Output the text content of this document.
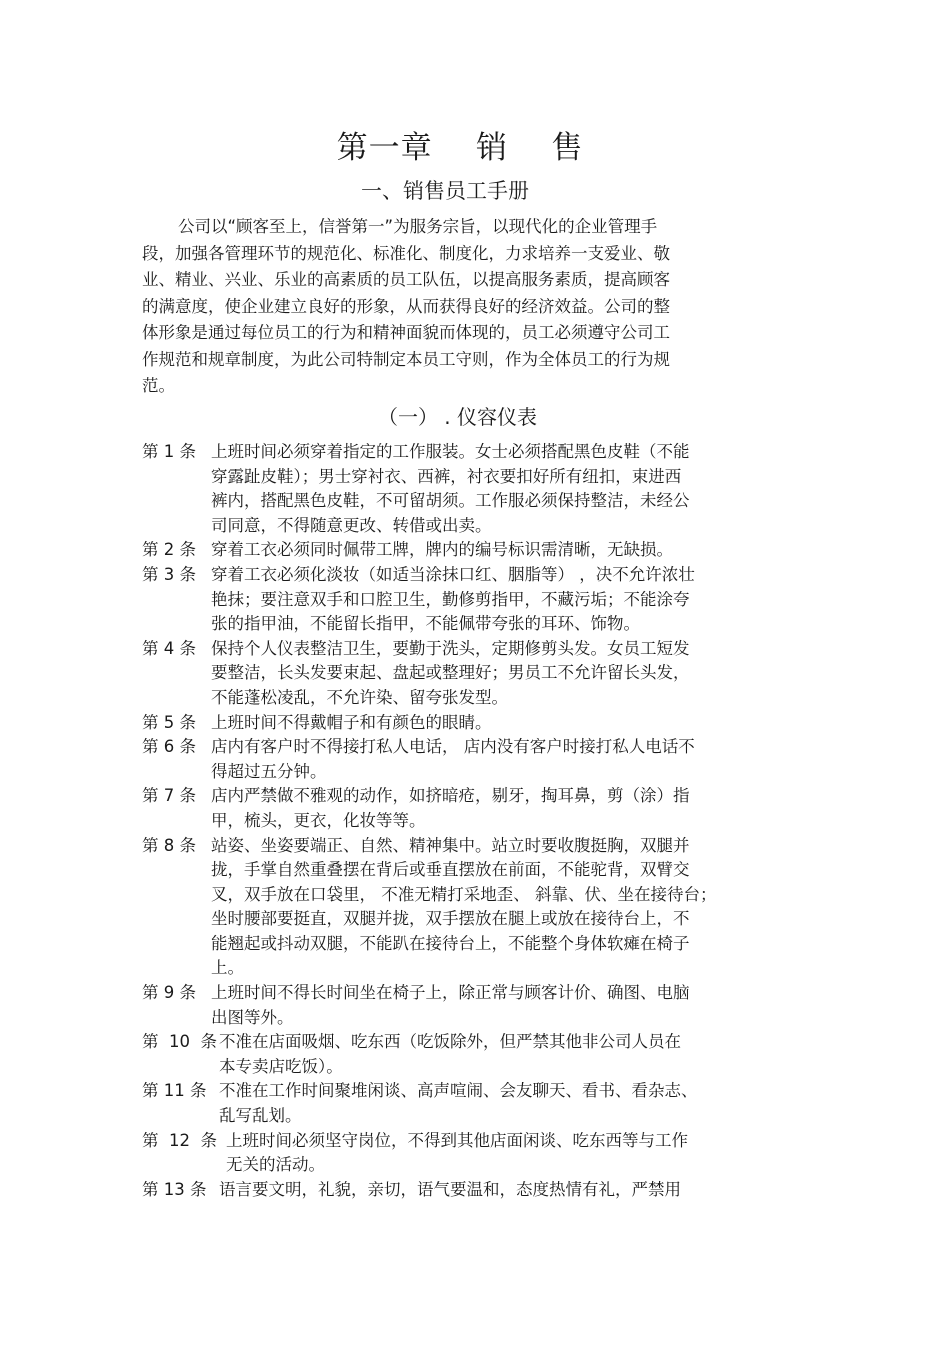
第一章    销    售
一、销售员工手册
公司以“顾客至上，信誉第一”为服务宗旨，以现代化的企业管理手
段，加强各管理环节的规范化、标准化、制度化，力求培养一支爱业、敬
业、精业、兴业、乐业的高素质的员工队伍，以提高服务素质，提高顾客
的满意度，使企业建立良好的形象，从而获得良好的经济效益。公司的整
体形象是通过每位员工的行为和精神面貌而体现的，员工必须遵守公司工
作规范和规章制度，为此公司特制定本员工守则，作为全体员工的行为规
范。
（一） . 仪容仪表
第 1 条 上班时间必须穿着指定的工作服装。女士必须搭配黑色皮鞋（不能
穿露趾皮鞋）；男士穿衬衣、西裤，衬衣要扣好所有纽扣，束进西
裤内，搭配黑色皮鞋，不可留胡须。工作服必须保持整洁，未经公
司同意，不得随意更改、转借或出卖。
第 2 条 穿着工衣必须同时佩带工牌，牌内的编号标识需清晰，无缺损。
第 3 条 穿着工衣必须化淡妆（如适当涂抹口红、胭脂等） ，决不允许浓壮
艳抹；要注意双手和口腔卫生，勤修剪指甲，不藏污垢；不能涂夸
张的指甲油，不能留长指甲，不能佩带夸张的耳环、饰物。
第 4 条 保持个人仪表整洁卫生，要勤于洗头，定期修剪头发。女员工短发
要整洁，长头发要束起、盘起或整理好；男员工不允许留长头发，
不能蓬松凌乱，不允许染、留夸张发型。
第 5 条 上班时间不得戴帽子和有颜色的眼睛。
第 6 条 店内有客户时不得接打私人电话， 店内没有客户时接打私人电话不
得超过五分钟。
第 7 条 店内严禁做不雅观的动作，如挤暗疮，剔牙，掏耳鼻，剪（涂）指
甲，梳头，更衣，化妆等等。
第 8 条 站姿、坐姿要端正、自然、精神集中。站立时要收腹挺胸，双腿并
拢，手掌自然重叠摆在背后或垂直摆放在前面，不能驼背，双臂交
叉，双手放在口袋里， 不准无精打采地歪、 斜靠、伏、坐在接待台；
坐时腰部要挺直，双腿并拢，双手摆放在腿上或放在接待台上，不
能翘起或抖动双腿，不能趴在接待台上，不能整个身体软瘫在椅子
上。
第 9 条 上班时间不得长时间坐在椅子上，除正常与顾客计价、确图、电脑
出图等外。
第  10  条 不准在店面吸烟、吃东西（吃饭除外，但严禁其他非公司人员在
本专卖店吃饭）。
第 11 条 不准在工作时间聚堆闲谈、高声喧闹、会友聊天、看书、看杂志、
乱写乱划。
第  12  条 上班时间必须坚守岗位，不得到其他店面闲谈、吃东西等与工作
无关的活动。
第 13 条 语言要文明，礼貌，亲切，语气要温和，态度热情有礼，严禁用
